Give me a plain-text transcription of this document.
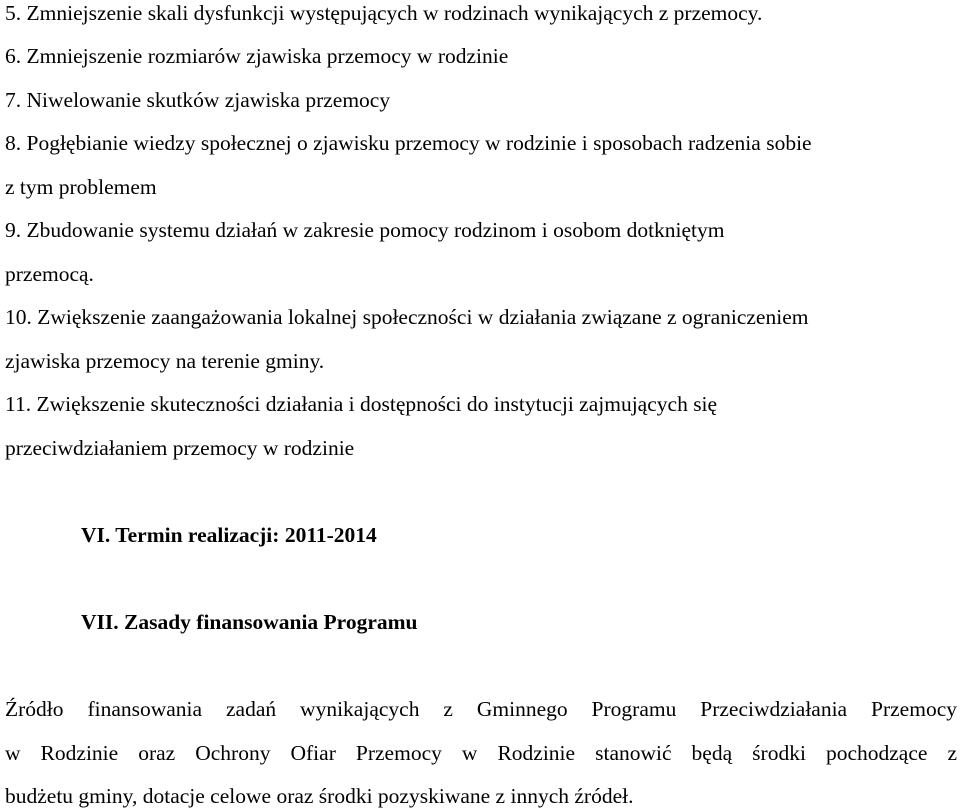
5. Zmniejszenie skali dysfunkcji występujących w rodzinach wynikających z przemocy.
6. Zmniejszenie rozmiarów zjawiska przemocy w rodzinie
7. Niwelowanie skutków zjawiska przemocy
8. Pogłębianie wiedzy społecznej o zjawisku przemocy w rodzinie i sposobach radzenia sobie
z tym problemem
9. Zbudowanie systemu działań w zakresie pomocy rodzinom i osobom dotkniętym
przemocą.
10. Zwiększenie zaangażowania lokalnej społeczności w działania związane z ograniczeniem
zjawiska przemocy na terenie gminy.
11. Zwiększenie skuteczności działania i dostępności do instytucji zajmujących się
przeciwdziałaniem przemocy w rodzinie
VI. Termin realizacji: 2011-2014
VII. Zasady finansowania Programu
Źródło finansowania zadań wynikających z Gminnego Programu Przeciwdziałania Przemocy
w Rodzinie oraz Ochrony Ofiar Przemocy w Rodzinie stanowić będą środki pochodzące z
budżetu gminy, dotacje celowe oraz środki pozyskiwane z innych źródeł.
